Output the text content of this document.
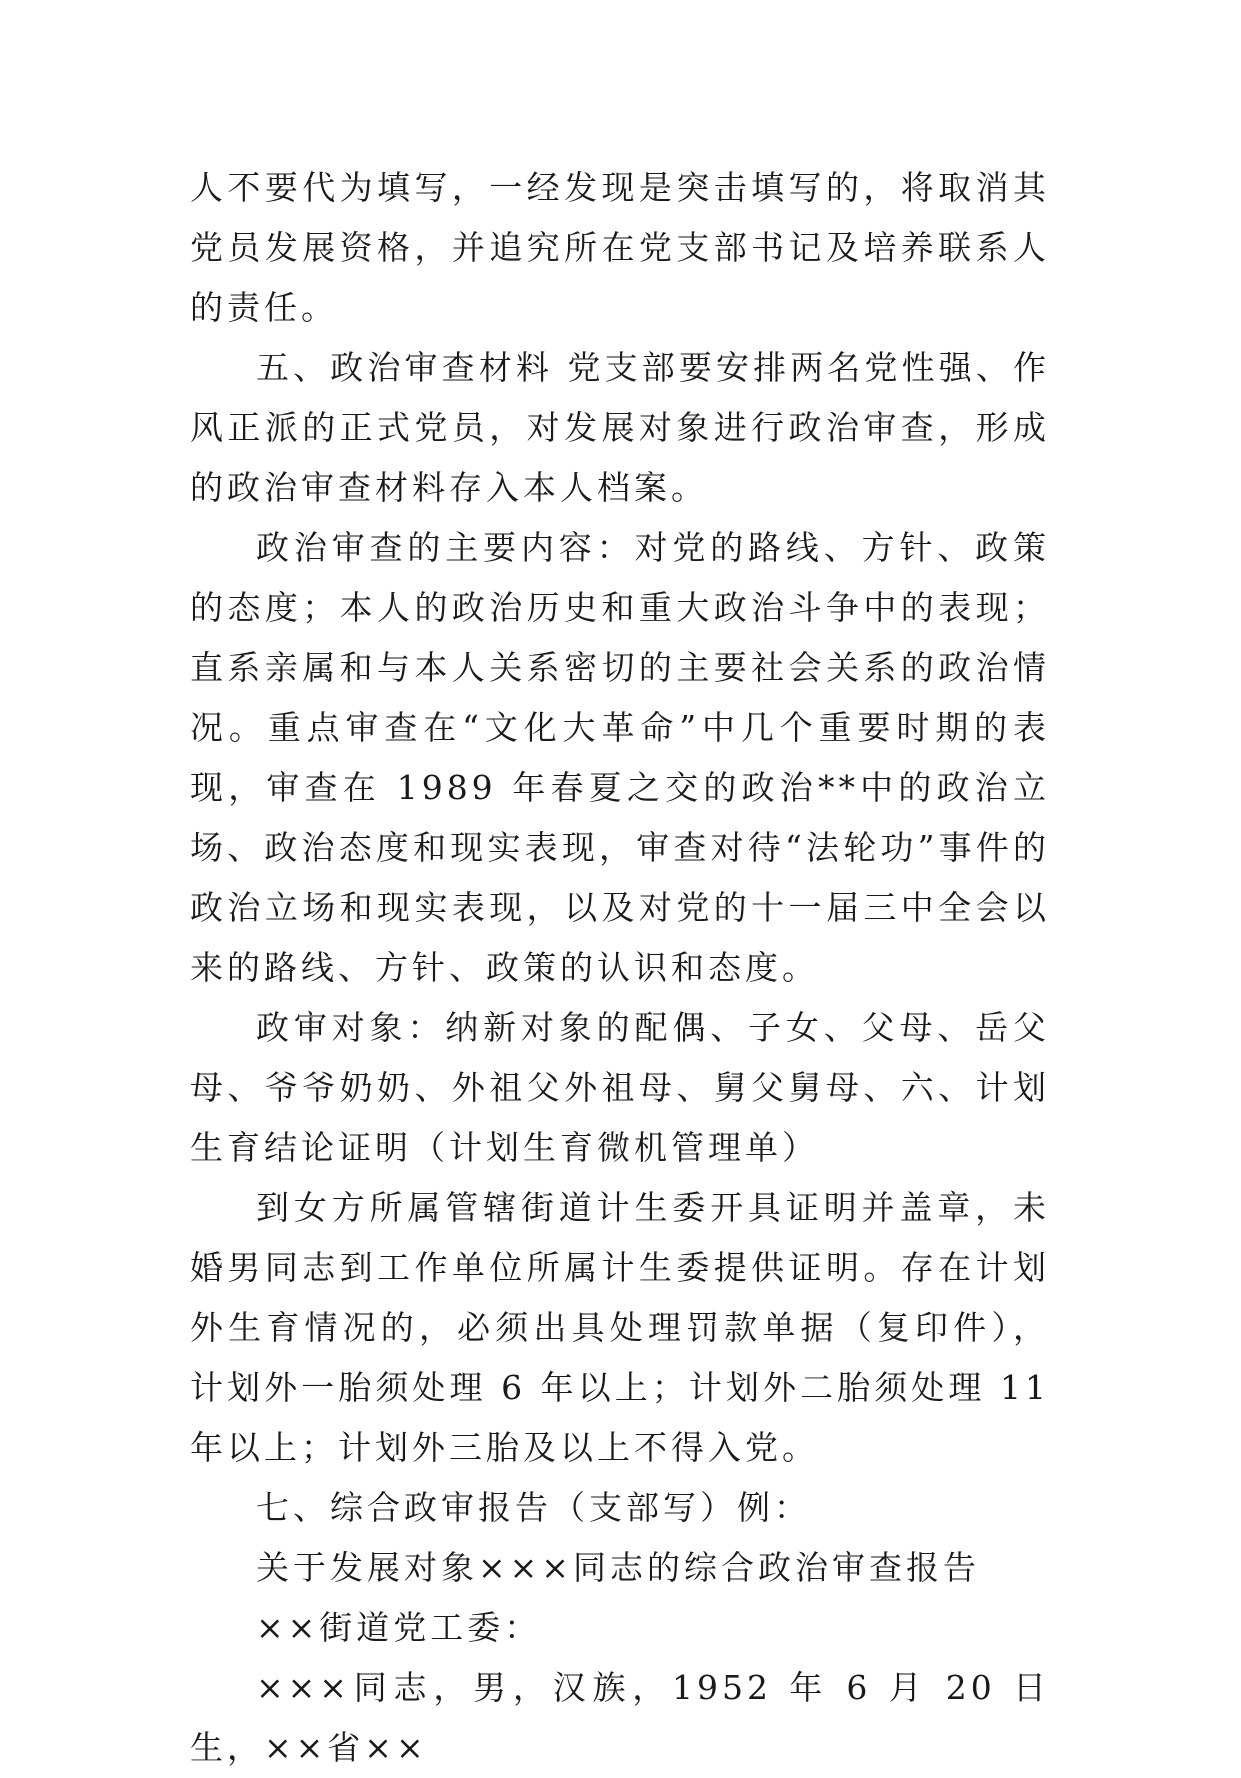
人不要代为填写，一经发现是突击填写的，将取消其党员发展资格，并追究所在党支部书记及培养联系人的责任。

五、政治审查材料 党支部要安排两名党性强、作风正派的正式党员，对发展对象进行政治审查，形成的政治审查材料存入本人档案。

政治审查的主要内容：对党的路线、方针、政策的态度；本人的政治历史和重大政治斗争中的表现；直系亲属和与本人关系密切的主要社会关系的政治情况。重点审查在“文化大革命”中几个重要时期的表现，审查在 1989 年春夏之交的政治**中的政治立场、政治态度和现实表现，审查对待“法轮功”事件的政治立场和现实表现，以及对党的十一届三中全会以来的路线、方针、政策的认识和态度。

政审对象：纳新对象的配偶、子女、父母、岳父母、爷爷奶奶、外祖父外祖母、舅父舅母、六、计划生育结论证明（计划生育微机管理单）

到女方所属管辖街道计生委开具证明并盖章，未婚男同志到工作单位所属计生委提供证明。存在计划外生育情况的，必须出具处理罚款单据（复印件），计划外一胎须处理 6 年以上；计划外二胎须处理 11 年以上；计划外三胎及以上不得入党。

七、综合政审报告（支部写）例：

关于发展对象×××同志的综合政治审查报告

××街道党工委：

×××同志，男，汉族，1952 年 6 月 20 日生，××省××
